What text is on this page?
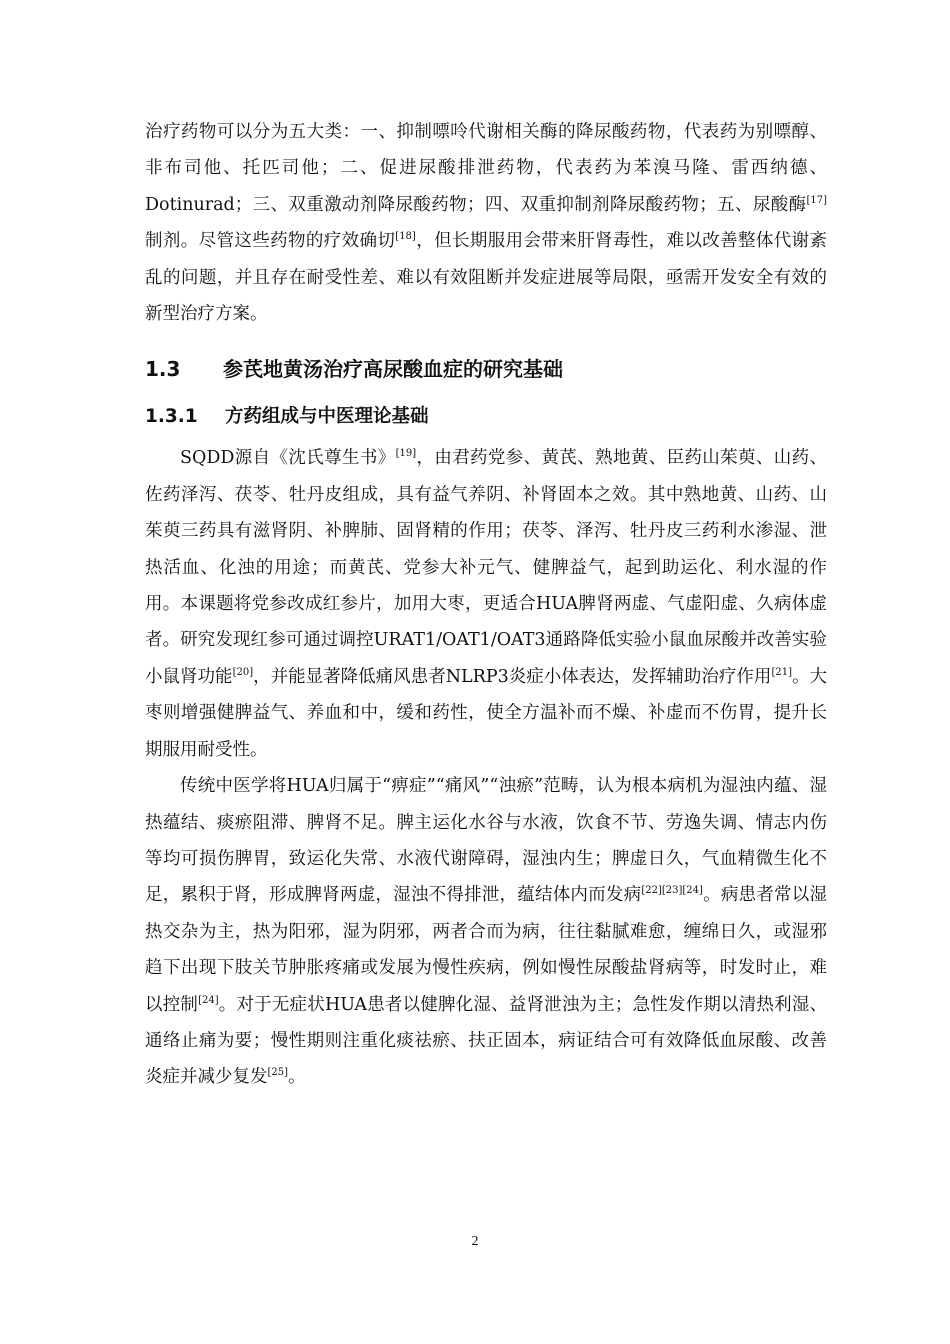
治疗药物可以分为五大类：一、抑制嘌呤代谢相关酶的降尿酸药物，代表药为别嘌醇、非布司他、托匹司他；二、促进尿酸排泄药物，代表药为苯溴马隆、雷西纳德、Dotinurad；三、双重激动剂降尿酸药物；四、双重抑制剂降尿酸药物；五、尿酸酶[17]制剂。尽管这些药物的疗效确切[18]，但长期服用会带来肝肾毒性，难以改善整体代谢紊乱的问题，并且存在耐受性差、难以有效阻断并发症进展等局限，亟需开发安全有效的新型治疗方案。

1.3 参芪地黄汤治疗高尿酸血症的研究基础
1.3.1 方药组成与中医理论基础

SQDD源自《沈氏尊生书》[19]，由君药党参、黄芪、熟地黄、臣药山茱萸、山药、佐药泽泻、茯苓、牡丹皮组成，具有益气养阴、补肾固本之效。其中熟地黄、山药、山茱萸三药具有滋肾阴、补脾肺、固肾精的作用；茯苓、泽泻、牡丹皮三药利水渗湿、泄热活血、化浊的用途；而黄芪、党参大补元气、健脾益气，起到助运化、利水湿的作用。本课题将党参改成红参片，加用大枣，更适合HUA脾肾两虚、气虚阳虚、久病体虚者。研究发现红参可通过调控URAT1/OAT1/OAT3通路降低实验小鼠血尿酸并改善实验小鼠肾功能[20]，并能显著降低痛风患者NLRP3炎症小体表达，发挥辅助治疗作用[21]。大枣则增强健脾益气、养血和中，缓和药性，使全方温补而不燥、补虚而不伤胃，提升长期服用耐受性。

传统中医学将HUA归属于“痹症”“痛风”“浊瘀”范畴，认为根本病机为湿浊内蕴、湿热蕴结、痰瘀阻滞、脾肾不足。脾主运化水谷与水液，饮食不节、劳逸失调、情志内伤等均可损伤脾胃，致运化失常、水液代谢障碍，湿浊内生；脾虚日久，气血精微生化不足，累积于肾，形成脾肾两虚，湿浊不得排泄，蕴结体内而发病[22][23][24]。病患者常以湿热交杂为主，热为阳邪，湿为阴邪，两者合而为病，往往黏腻难愈，缠绵日久，或湿邪趋下出现下肢关节肿胀疼痛或发展为慢性疾病，例如慢性尿酸盐肾病等，时发时止，难以控制[24]。对于无症状HUA患者以健脾化湿、益肾泄浊为主；急性发作期以清热利湿、通络止痛为要；慢性期则注重化痰祛瘀、扶正固本，病证结合可有效降低血尿酸、改善炎症并减少复发[25]。

2
